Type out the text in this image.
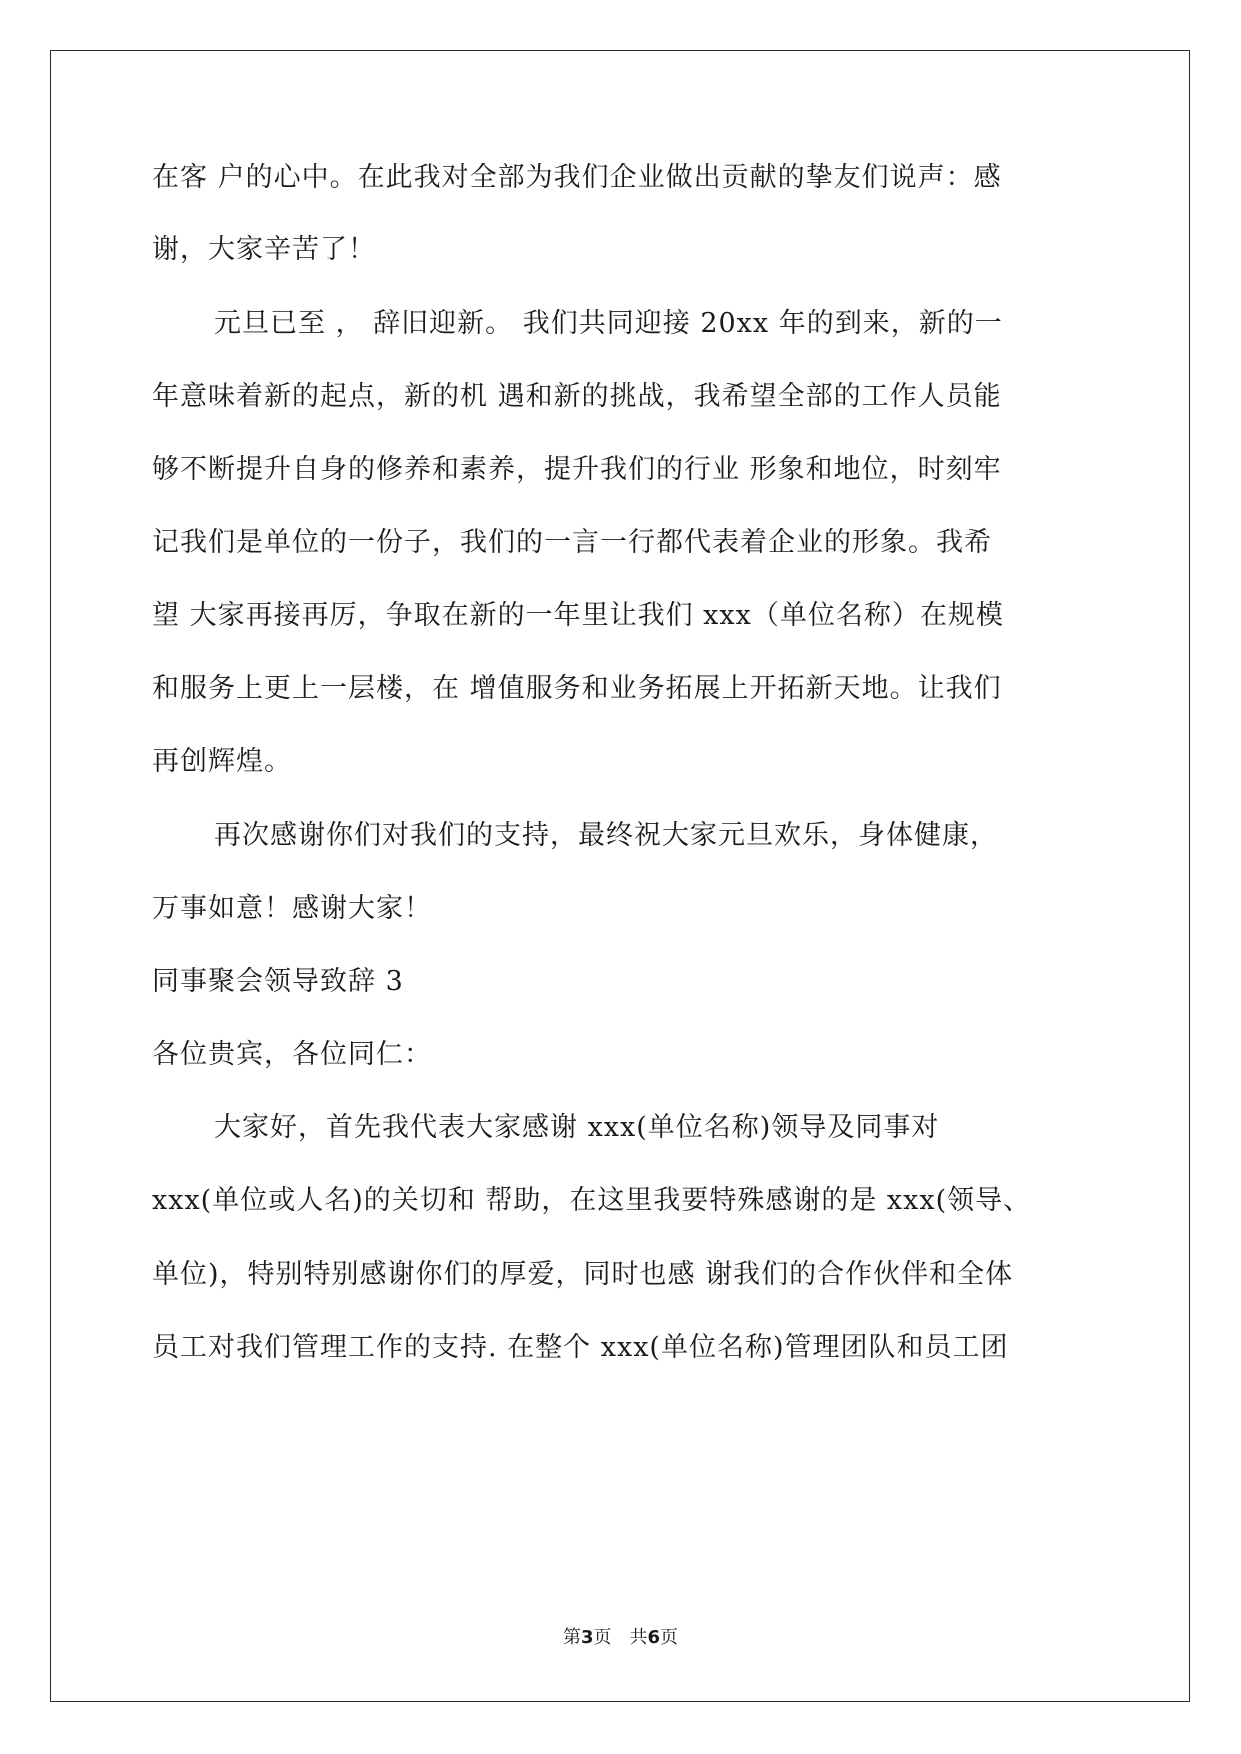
在客 户的心中。在此我对全部为我们企业做出贡献的挚友们说声：感
谢，大家辛苦了！
元旦已至 ， 辞旧迎新。 我们共同迎接 20xx 年的到来，新的一
年意味着新的起点，新的机 遇和新的挑战，我希望全部的工作人员能
够不断提升自身的修养和素养，提升我们的行业 形象和地位，时刻牢
记我们是单位的一份子，我们的一言一行都代表着企业的形象。我希
望 大家再接再厉，争取在新的一年里让我们 xxx（单位名称）在规模
和服务上更上一层楼，在 增值服务和业务拓展上开拓新天地。让我们
再创辉煌。
再次感谢你们对我们的支持，最终祝大家元旦欢乐，身体健康，
万事如意！感谢大家！
同事聚会领导致辞 3
各位贵宾，各位同仁：
大家好，首先我代表大家感谢 xxx(单位名称)领导及同事对
xxx(单位或人名)的关切和 帮助，在这里我要特殊感谢的是 xxx(领导、
单位)，特别特别感谢你们的厚爱，同时也感 谢我们的合作伙伴和全体
员工对我们管理工作的支持. 在整个 xxx(单位名称)管理团队和员工团
第3页　共6页
